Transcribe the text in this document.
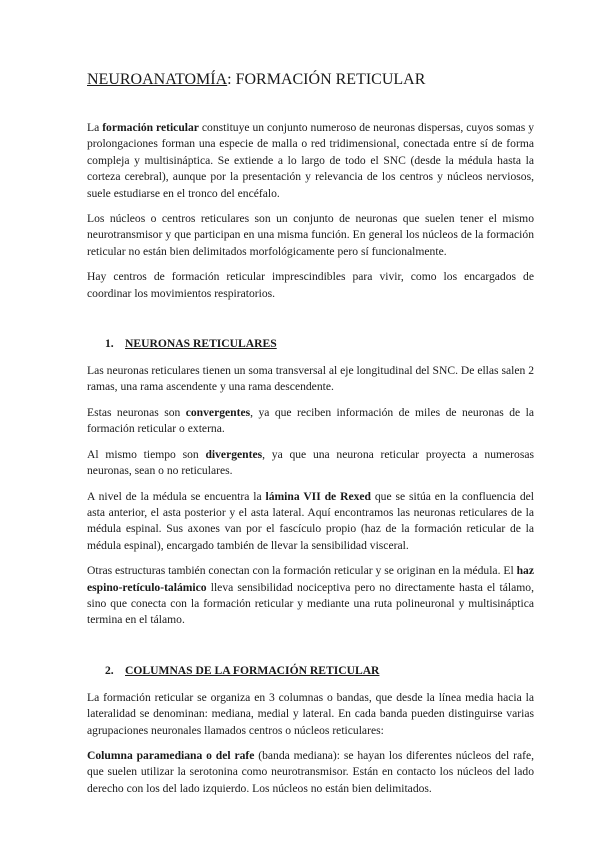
NEUROANATOMÍA: FORMACIÓN RETICULAR

La formación reticular constituye un conjunto numeroso de neuronas dispersas, cuyos somas y prolongaciones forman una especie de malla o red tridimensional, conectada entre sí de forma compleja y multisináptica. Se extiende a lo largo de todo el SNC (desde la médula hasta la corteza cerebral), aunque por la presentación y relevancia de los centros y núcleos nerviosos, suele estudiarse en el tronco del encéfalo.

Los núcleos o centros reticulares son un conjunto de neuronas que suelen tener el mismo neurotransmisor y que participan en una misma función. En general los núcleos de la formación reticular no están bien delimitados morfológicamente pero sí funcionalmente.

Hay centros de formación reticular imprescindibles para vivir, como los encargados de coordinar los movimientos respiratorios.

1. NEURONAS RETICULARES

Las neuronas reticulares tienen un soma transversal al eje longitudinal del SNC. De ellas salen 2 ramas, una rama ascendente y una rama descendente.

Estas neuronas son convergentes, ya que reciben información de miles de neuronas de la formación reticular o externa.

Al mismo tiempo son divergentes, ya que una neurona reticular proyecta a numerosas neuronas, sean o no reticulares.

A nivel de la médula se encuentra la lámina VII de Rexed que se sitúa en la confluencia del asta anterior, el asta posterior y el asta lateral. Aquí encontramos las neuronas reticulares de la médula espinal. Sus axones van por el fascículo propio (haz de la formación reticular de la médula espinal), encargado también de llevar la sensibilidad visceral.

Otras estructuras también conectan con la formación reticular y se originan en la médula. El haz espino-retículo-talámico lleva sensibilidad nociceptiva pero no directamente hasta el tálamo, sino que conecta con la formación reticular y mediante una ruta polineuronal y multisináptica termina en el tálamo.

2. COLUMNAS DE LA FORMACIÓN RETICULAR

La formación reticular se organiza en 3 columnas o bandas, que desde la línea media hacia la lateralidad se denominan: mediana, medial y lateral. En cada banda pueden distinguirse varias agrupaciones neuronales llamados centros o núcleos reticulares:

Columna paramediana o del rafe (banda mediana): se hayan los diferentes núcleos del rafe, que suelen utilizar la serotonina como neurotransmisor. Están en contacto los núcleos del lado derecho con los del lado izquierdo. Los núcleos no están bien delimitados.
